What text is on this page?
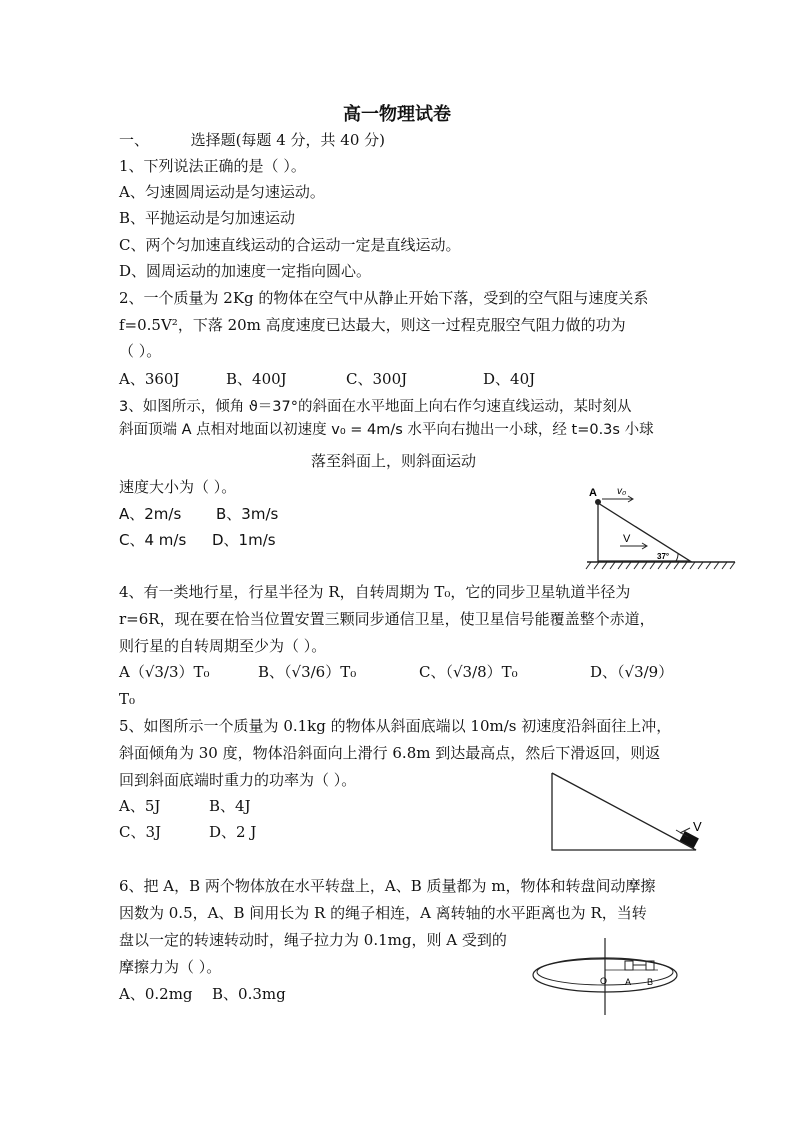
高一物理试卷
一、	选择题(每题 4 分，共 40 分)
1、下列说法正确的是（ ）。
A、匀速圆周运动是匀速运动。
B、平抛运动是匀加速运动
C、两个匀加速直线运动的合运动一定是直线运动。
D、圆周运动的加速度一定指向圆心。
2、一个质量为 2Kg 的物体在空气中从静止开始下落，受到的空气阻与速度关系
f=0.5V²，下落 20m 高度速度已达最大，则这一过程克服空气阻力做的功为
（ ）。
A、360J	B、400J	C、300J	D、40J
3、如图所示，倾角 ϑ＝37°的斜面在水平地面上向右作匀速直线运动，某时刻从
斜面顶端 A 点相对地面以初速度 v₀ = 4m/s 水平向右抛出一小球，经 t=0.3s 小球
落至斜面上，则斜面运动
速度大小为（ ）。
A、2m/s B、3m/s
C、4 m/s D、1m/s
A v₀
V
37°
4、有一类地行星，行星半径为 R，自转周期为 T₀，它的同步卫星轨道半径为
r=6R，现在要在恰当位置安置三颗同步通信卫星，使卫星信号能覆盖整个赤道，
则行星的自转周期至少为（ ）。
A（√3/3）T₀	B、（√3/6）T₀	C、（√3/8）T₀	D、（√3/9）
T₀
5、如图所示一个质量为 0.1kg 的物体从斜面底端以 10m/s 初速度沿斜面往上冲，
斜面倾角为 30 度，物体沿斜面向上滑行 6.8m 到达最高点，然后下滑返回，则返
回到斜面底端时重力的功率为（ ）。
A、5J	B、4J
C、3J	D、2 J	V
6、把 A，B 两个物体放在水平转盘上，A、B 质量都为 m，物体和转盘间动摩擦
因数为 0.5，A、B 间用长为 R 的绳子相连，A 离转轴的水平距离也为 R，当转
盘以一定的转速转动时，绳子拉力为 0.1mg，则 A 受到的
摩擦力为（ ）。
A、0.2mg B、0.3mg
O A B
